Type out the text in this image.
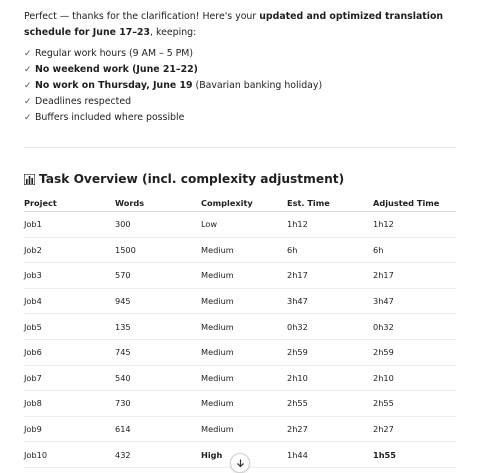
Perfect — thanks for the clarification! Here's your updated and optimized translation schedule for June 17–23, keeping:

✓ Regular work hours (9 AM – 5 PM)
✓ No weekend work (June 21–22)
✓ No work on Thursday, June 19 (Bavarian banking holiday)
✓ Deadlines respected
✓ Buffers included where possible
Task Overview (incl. complexity adjustment)
Project	Words	Complexity	Est. Time	Adjusted Time
Job1	300	Low	1h12	1h12
Job2	1500	Medium	6h	6h
Job3	570	Medium	2h17	2h17
Job4	945	Medium	3h47	3h47
Job5	135	Medium	0h32	0h32
Job6	745	Medium	2h59	2h59
Job7	540	Medium	2h10	2h10
Job8	730	Medium	2h55	2h55
Job9	614	Medium	2h27	2h27
Job10	432	High	1h44	1h55
